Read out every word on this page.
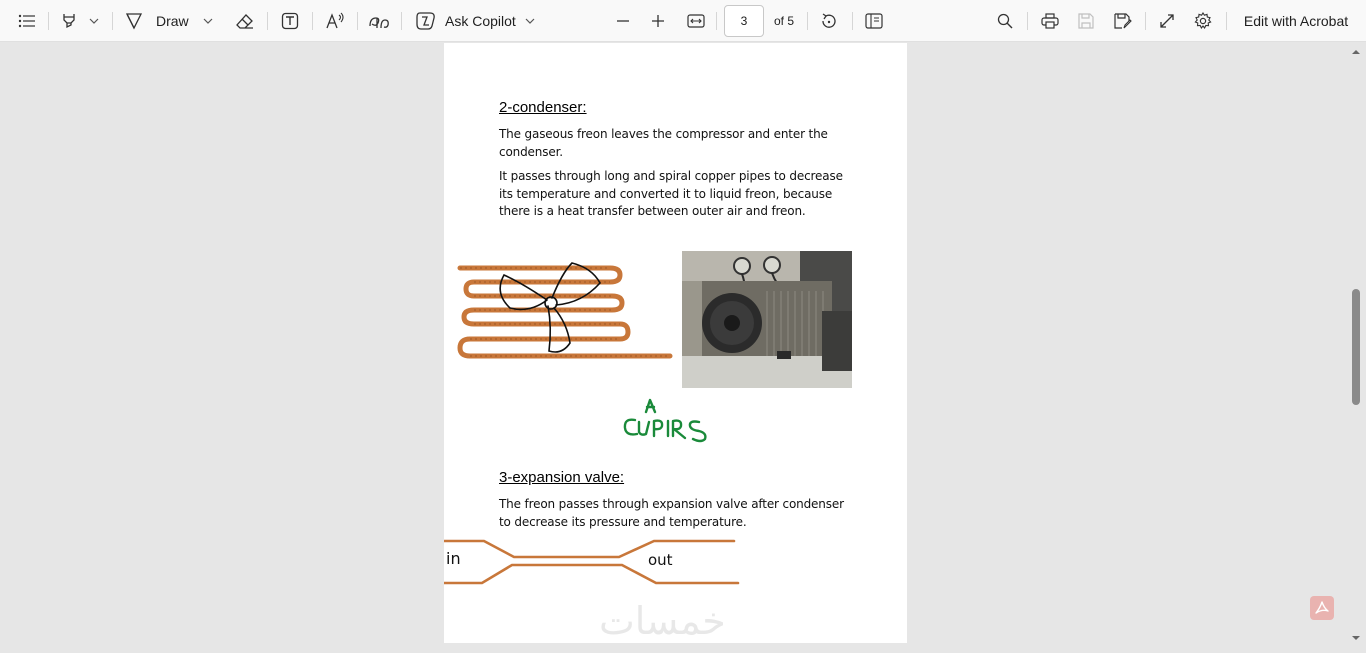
Draw	Ask Copilot
3	of 5	Edit with Acrobat
2-condenser:
The gaseous freon leaves the compressor and enter the condenser.
It passes through long and spiral copper pipes to decrease its temperature and converted it to liquid freon, because there is a heat transfer between outer air and freon.
A CUPIPS
3-expansion valve:
The freon passes through expansion valve after condenser to decrease its pressure and temperature.
in	out
خمسات
